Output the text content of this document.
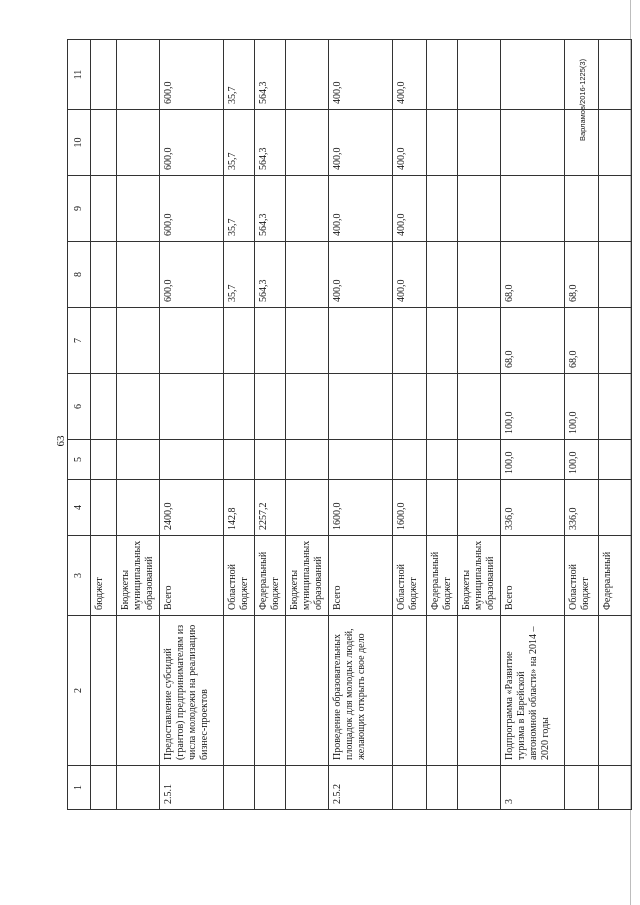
63
Варламов/2016-1225(3)
1	2	3	4	5	6	7	8	9	10	11
		бюджет								
		Бюджеты муниципальных образований								
2.5.1	Предоставление субсидий (грантов) предпринимателям из числа молодежи на реализацию бизнес-проектов	Всего	2400,0				600,0	600,0	600,0	600,0
		Областной бюджет	142,8				35,7	35,7	35,7	35,7
		Федеральный бюджет	2257,2				564,3	564,3	564,3	564,3
		Бюджеты муниципальных образований								
2.5.2	Проведение образовательных площадок для молодых людей, желающих открыть свое дело	Всего	1600,0				400,0	400,0	400,0	400,0
		Областной бюджет	1600,0				400,0	400,0	400,0	400,0
		Федеральный бюджет								
		Бюджеты муниципальных образований								
3	Подпрограмма «Развитие туризма в Еврейской автономной области» на 2014 – 2020 годы	Всего	336,0	100,0	100,0	68,0	68,0			
		Областной бюджет	336,0	100,0	100,0	68,0	68,0			
		Федеральный								
